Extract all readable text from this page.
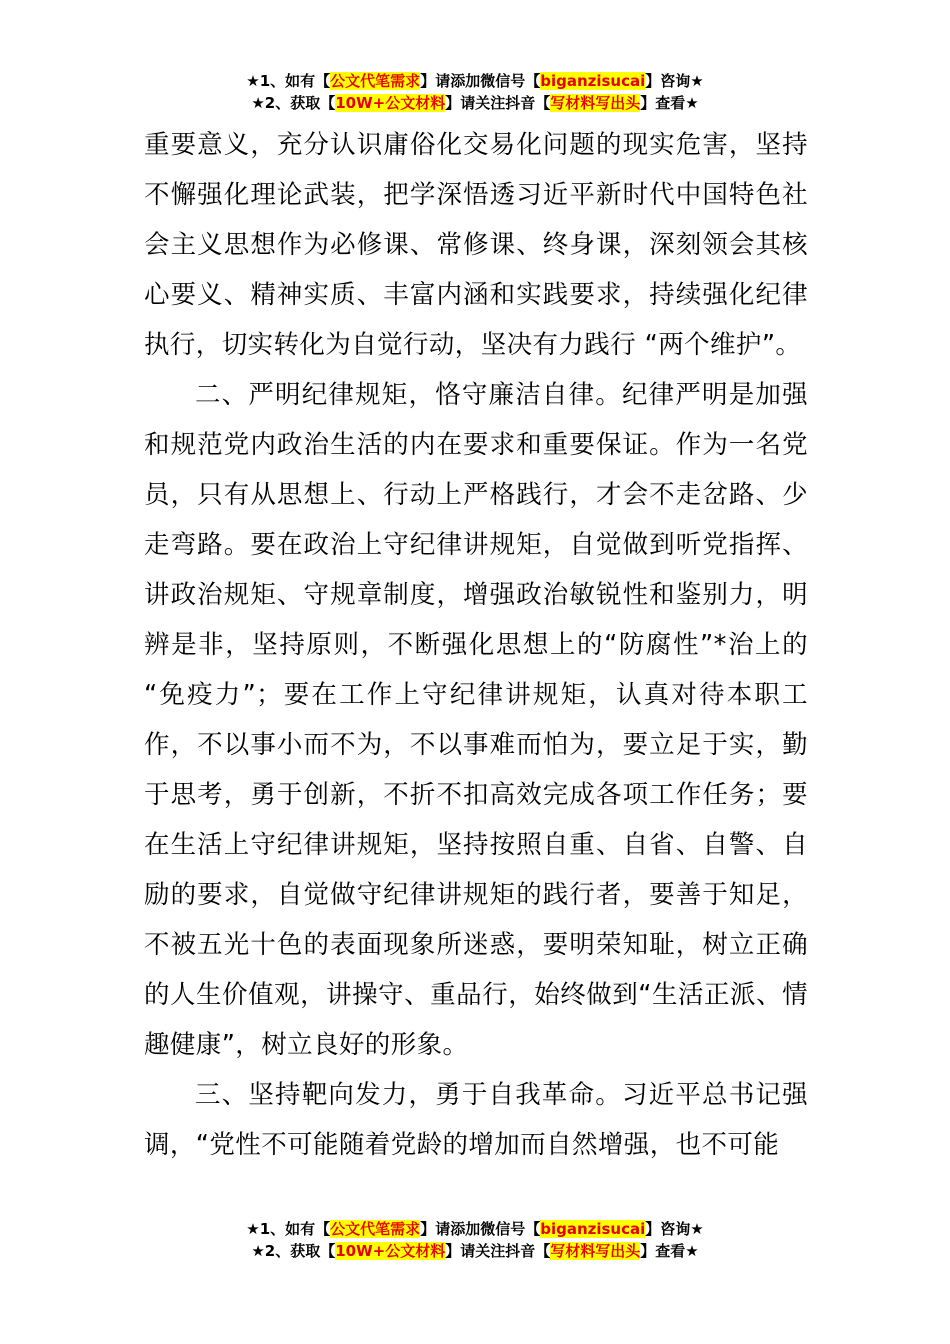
★1、如有【公文代笔需求】请添加微信号【biganzisucai】咨询★
★2、获取【10W+公文材料】请关注抖音【写材料写出头】查看★

重要意义，充分认识庸俗化交易化问题的现实危害，坚持不懈强化理论武装，把学深悟透习近平新时代中国特色社会主义思想作为必修课、常修课、终身课，深刻领会其核心要义、精神实质、丰富内涵和实践要求，持续强化纪律执行，切实转化为自觉行动，坚决有力践行 “两个维护”。

二、严明纪律规矩，恪守廉洁自律。纪律严明是加强和规范党内政治生活的内在要求和重要保证。作为一名党员，只有从思想上、行动上严格践行，才会不走岔路、少走弯路。要在政治上守纪律讲规矩，自觉做到听党指挥、讲政治规矩、守规章制度，增强政治敏锐性和鉴别力，明辨是非，坚持原则，不断强化思想上的“防腐性”*治上的 “免疫力”；要在工作上守纪律讲规矩，认真对待本职工作，不以事小而不为，不以事难而怕为，要立足于实，勤于思考，勇于创新，不折不扣高效完成各项工作任务；要在生活上守纪律讲规矩，坚持按照自重、自省、自警、自励的要求，自觉做守纪律讲规矩的践行者，要善于知足，不被五光十色的表面现象所迷惑，要明荣知耻，树立正确的人生价值观，讲操守、重品行，始终做到“生活正派、情趣健康”，树立良好的形象。

三、坚持靶向发力，勇于自我革命。习近平总书记强调，“党性不可能随着党龄的增加而自然增强，也不可能

★1、如有【公文代笔需求】请添加微信号【biganzisucai】咨询★
★2、获取【10W+公文材料】请关注抖音【写材料写出头】查看★
